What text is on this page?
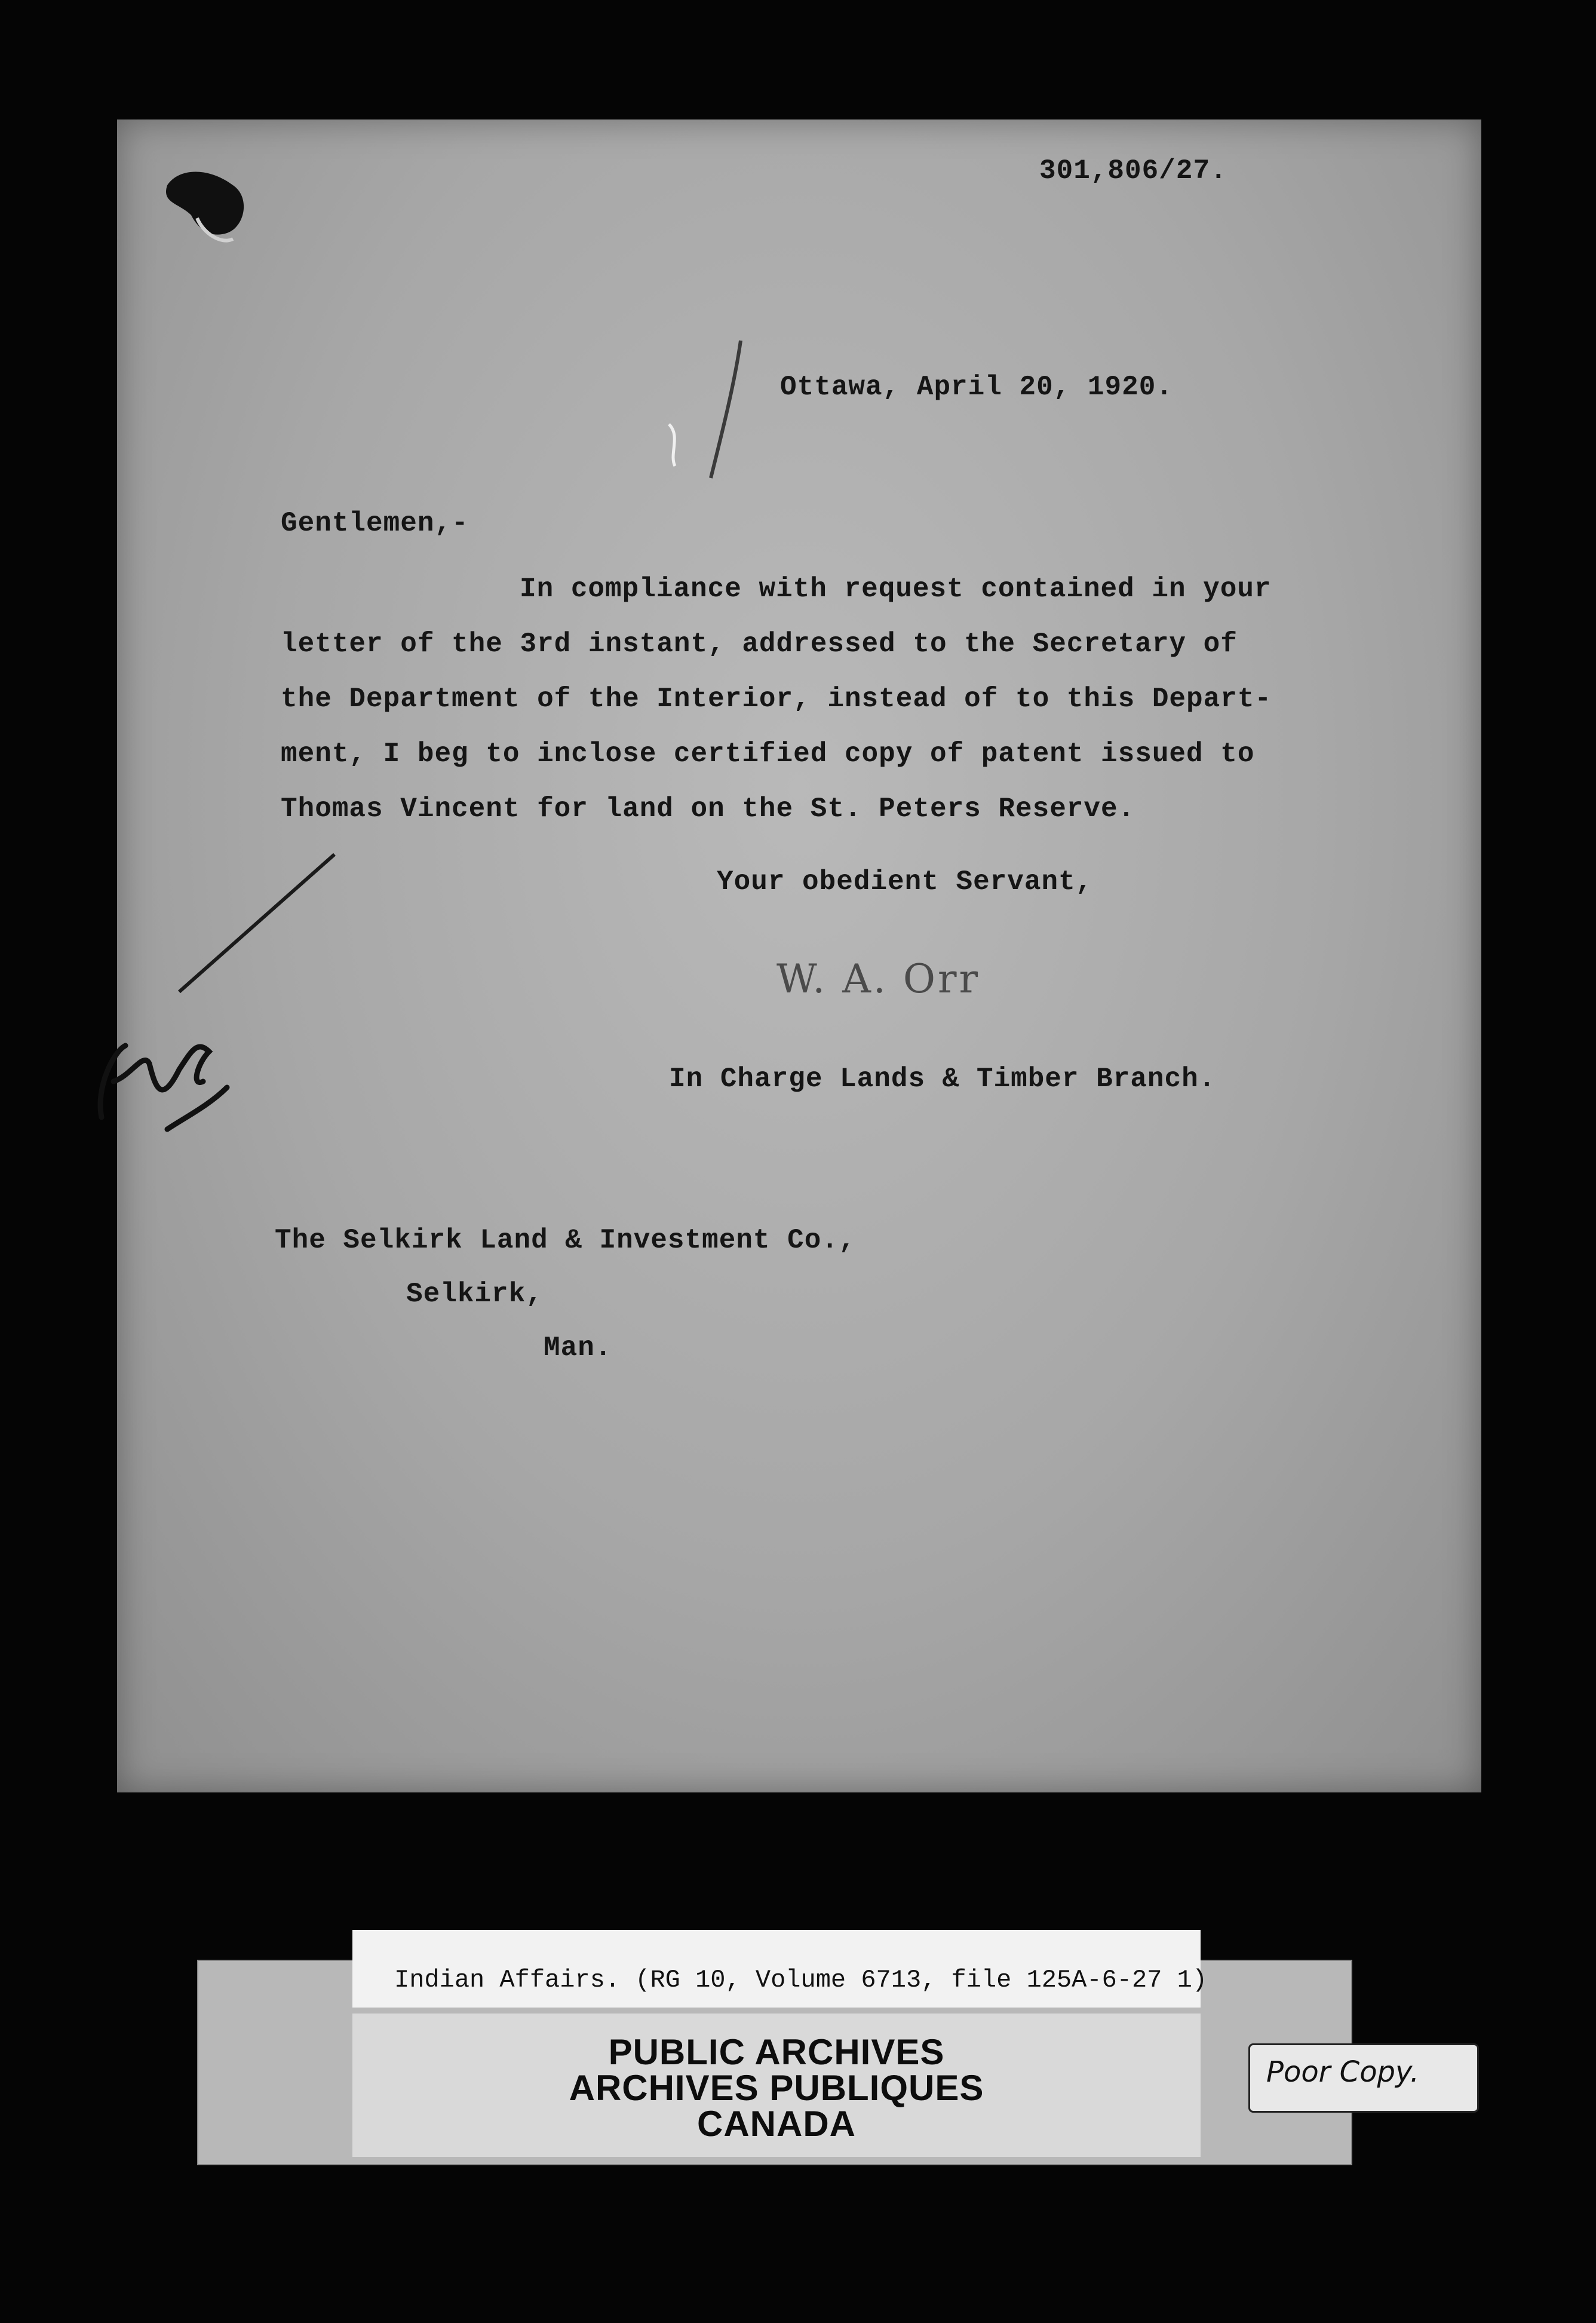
301,806/27.
Ottawa, April 20, 1920.
Gentlemen,-
In compliance with request contained in your
letter of the 3rd instant, addressed to the Secretary of
the Department of the Interior, instead of to this Depart-
ment, I beg to inclose certified copy of patent issued to
Thomas Vincent for land on the St. Peters Reserve.
Your obedient Servant,
W. A. Orr
In Charge Lands & Timber Branch.
The Selkirk Land & Investment Co.,
Selkirk,
Man.
Indian Affairs. (RG 10, Volume 6713, file 125A-6-27 1)
PUBLIC ARCHIVES
ARCHIVES PUBLIQUES
CANADA
Poor Copy.
